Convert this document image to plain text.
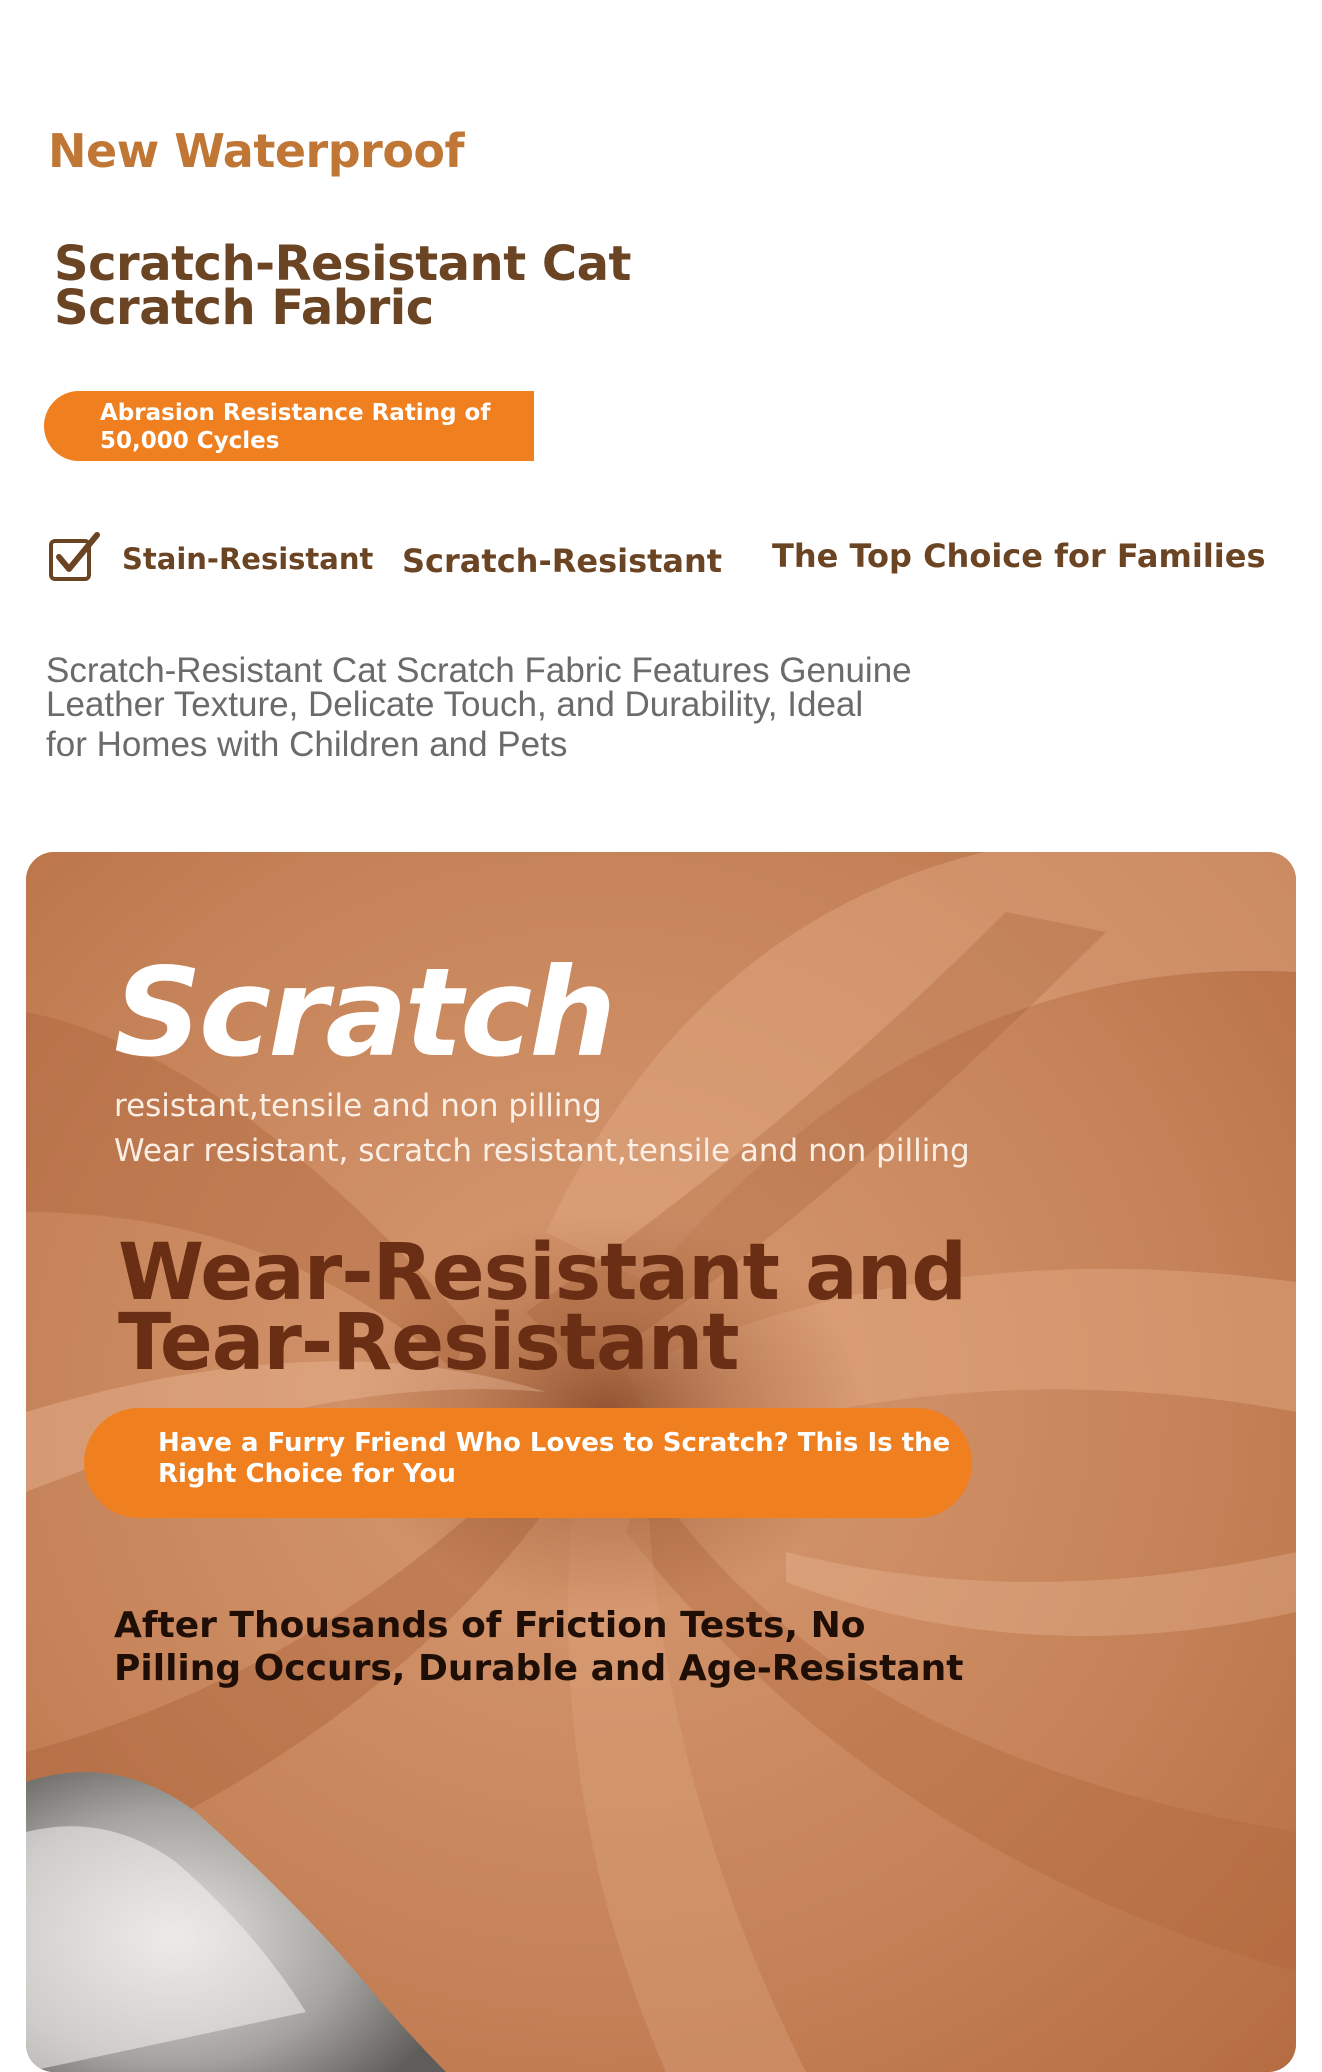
New Waterproof
Scratch-Resistant Cat
Scratch Fabric
Abrasion Resistance Rating of
50,000 Cycles
Stain-Resistant Scratch-Resistant The Top Choice for Families
Scratch-Resistant Cat Scratch Fabric Features Genuine
Leather Texture, Delicate Touch, and Durability, Ideal
for Homes with Children and Pets
Scratch
resistant,tensile and non pilling
Wear resistant, scratch resistant,tensile and non pilling
Wear-Resistant and
Tear-Resistant
Have a Furry Friend Who Loves to Scratch? This Is the
Right Choice for You
After Thousands of Friction Tests, No
Pilling Occurs, Durable and Age-Resistant
